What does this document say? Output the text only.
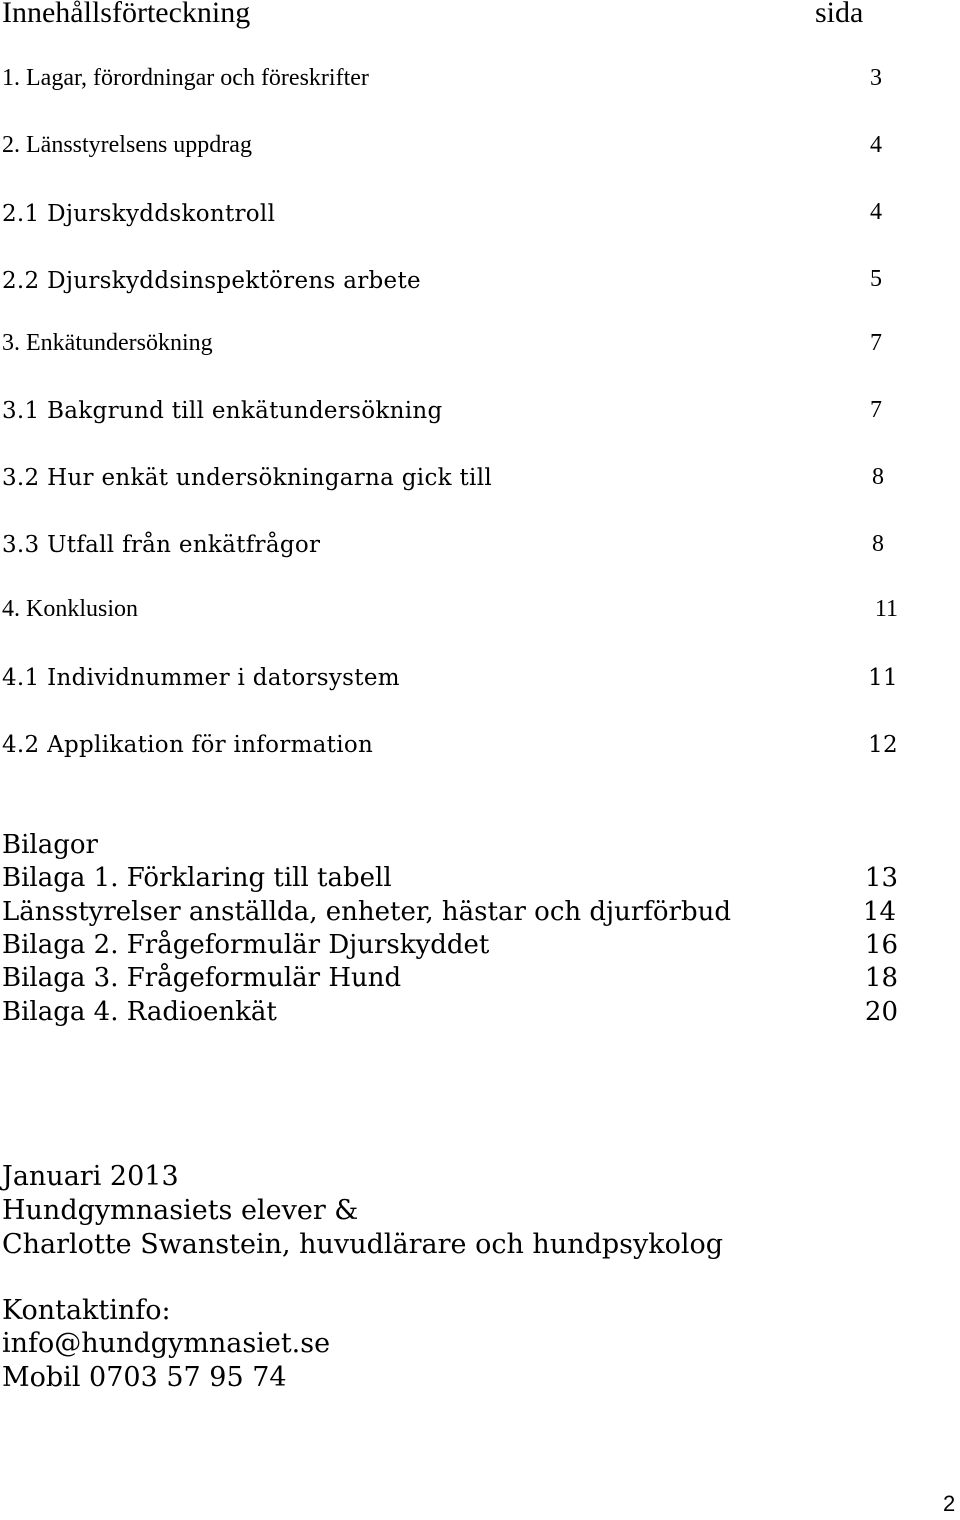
Innehållsförteckning	sida
1. Lagar, förordningar och föreskrifter	3
2. Länsstyrelsens uppdrag	4
2.1 Djurskyddskontroll	4
2.2 Djurskyddsinspektörens arbete	5
3. Enkätundersökning	7
3.1 Bakgrund till enkätundersökning	7
3.2 Hur enkät undersökningarna gick till	8
3.3 Utfall från enkätfrågor	8
4. Konklusion	11
4.1 Individnummer i datorsystem	11
4.2 Applikation för information	12
Bilagor
Bilaga 1. Förklaring till tabell	13
Länsstyrelser anställda, enheter, hästar och djurförbud	14
Bilaga 2. Frågeformulär Djurskyddet	16
Bilaga 3. Frågeformulär Hund	18
Bilaga 4. Radioenkät	20
Januari 2013
Hundgymnasiets elever &
Charlotte Swanstein, huvudlärare och hundpsykolog
Kontaktinfo:
info@hundgymnasiet.se
Mobil 0703 57 95 74
2
